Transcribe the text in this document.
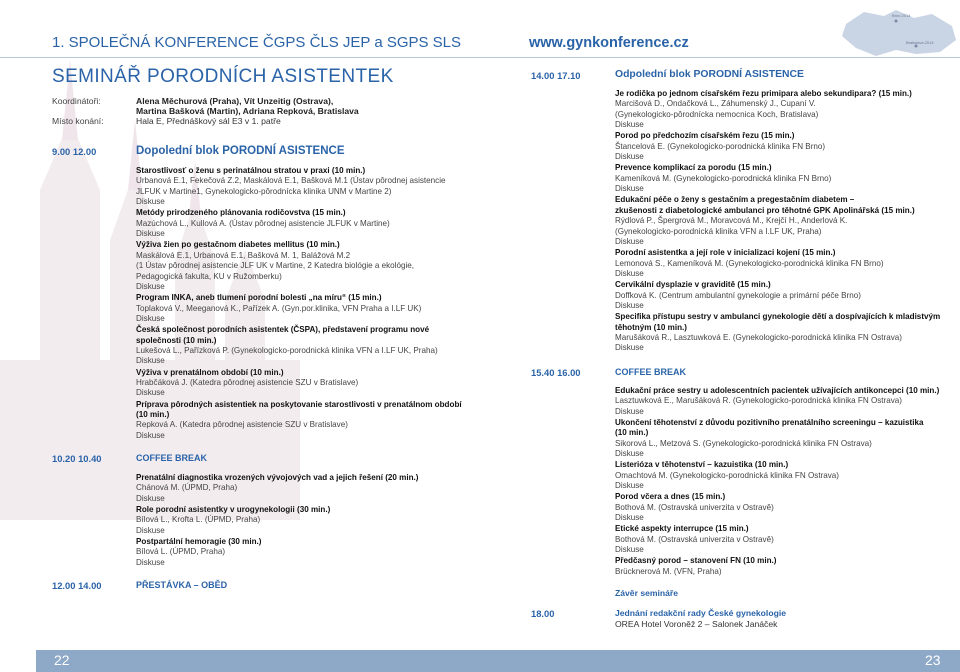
1. SPOLEČNÁ KONFERENCE ČGPS ČLS JEP a SGPS SLS	www.gynkonference.cz
Brno 2014
Bratislava 2014
SEMINÁŘ PORODNÍCH ASISTENTEK
Koordinátoři:	Alena Měchurová (Praha), Vít Unzeitig (Ostrava),
Martina Bašková (Martin), Adriana Repková, Bratislava
Místo konání:	Hala E, Přednáškový sál E3 v 1. patře
9.00 12.00	Dopolední blok PORODNÍ ASISTENCE
Starostlivosť o ženu s perinatálnou stratou v praxi (10 min.)
Urbanová E.1, Fekečová Z.2, Maskálová E.1, Bašková M.1 (Ústav pôrodnej asistencie
JLFUK v Martine1, Gynekologicko-pôrodnícka klinika UNM v Martine 2)
Diskuse
Metódy prirodzeného plánovania rodičovstva (15 min.)
Mazúchová L., Kullová A. (Ústav pôrodnej asistencie JLFUK v Martine)
Diskuse
Výživa žien po gestačnom diabetes mellitus (10 min.)
Maskálová E.1, Urbanová E.1, Bašková M. 1, Balážová M.2
(1 Ústav pôrodnej asistencie JLF UK v Martine, 2 Katedra biológie a ekológie,
Pedagogická fakulta, KU v Ružomberku)
Diskuse
Program INKA, aneb tlumení porodní bolesti „na míru“ (15 min.)
Toplaková V., Meeganová K., Pařízek A. (Gyn.por.klinika, VFN Praha a I.LF UK)
Diskuse
Česká společnost porodních asistentek (ČSPA), představení programu nové
společnosti (10 min.)
Lukešová L., Pařízková P. (Gynekologicko-porodnická klinika VFN a I.LF UK, Praha)
Diskuse
Výživa v prenatálnom období (10 min.)
Hrabčáková J. (Katedra pôrodnej asistencie SZU v Bratislave)
Diskuse
Príprava pôrodných asistentiek na poskytovanie starostlivosti v prenatálnom období
(10 min.)
Repková A. (Katedra pôrodnej asistencie SZU v Bratislave)
Diskuse
10.20 10.40	COFFEE BREAK
Prenatální diagnostika vrozených vývojových vad a jejich řešení (20 min.)
Chánová M. (ÚPMD, Praha)
Diskuse
Role porodní asistentky v urogynekologii (30 min.)
Bílová L., Krofta L. (ÚPMD, Praha)
Diskuse
Postpartální hemoragie (30 min.)
Bílová L. (ÚPMD, Praha)
Diskuse
12.00 14.00	PŘESTÁVKA – OBĚD
14.00 17.10	Odpolední blok PORODNÍ ASISTENCE
Je rodička po jednom císařském řezu primipara alebo sekundipara? (15 min.)
Marcišová D., Ondačková L., Záhumenský J., Cupaní V.
(Gynekologicko-pôrodnícka nemocnica Koch, Bratislava)
Diskuse
Porod po předchozím císařském řezu (15 min.)
Štancelová E. (Gynekologicko-porodnická klinika FN Brno)
Diskuse
Prevence komplikací za porodu (15 min.)
Kameníková M. (Gynekologicko-porodnická klinika FN Brno)
Diskuse
Edukační péče o ženy s gestačním a pregestačním diabetem –
zkušenosti z diabetologické ambulanci pro těhotné GPK Apolinářská (15 min.)
Rýdlová P., Špergrová M., Moravcová M., Krejčí H., Anderlová K.
(Gynekologicko-porodnická klinika VFN a I.LF UK, Praha)
Diskuse
Porodní asistentka a její role v inicializaci kojení (15 min.)
Lemonová S., Kameníková M. (Gynekologicko-porodnická klinika FN Brno)
Diskuse
Cervikální dysplazie v graviditě (15 min.)
Doffková K. (Centrum ambulantní gynekologie a primární péče Brno)
Diskuse
Specifika přístupu sestry v ambulanci gynekologie dětí a dospívajících k mladistvým
těhotným (10 min.)
Marušáková R., Lasztuwková E. (Gynekologicko-porodnická klinika FN Ostrava)
Diskuse
15.40 16.00	COFFEE BREAK
Edukační práce sestry u adolescentních pacientek užívajících antikoncepci (10 min.)
Lasztuwková E., Marušáková R. (Gynekologicko-porodnická klinika FN Ostrava)
Diskuse
Ukončení těhotenství z důvodu pozitivního prenatálního screeningu – kazuistika
(10 min.)
Sikorová L., Metzová S. (Gynekologicko-porodnická klinika FN Ostrava)
Diskuse
Listerióza v těhotenství – kazuistika (10 min.)
Omachtová M. (Gynekologicko-porodnická klinika FN Ostrava)
Diskuse
Porod včera a dnes (15 min.)
Bothová M. (Ostravská univerzita v Ostravě)
Diskuse
Etické aspekty interrupce (15 min.)
Bothová M. (Ostravská univerzita v Ostravě)
Diskuse
Předčasný porod – stanovení FN (10 min.)
Brücknerová M. (VFN, Praha)
Závěr semináře
18.00	Jednání redakční rady České gynekologie
OREA Hotel Voroněž 2 – Salonek Janáček
22	23
